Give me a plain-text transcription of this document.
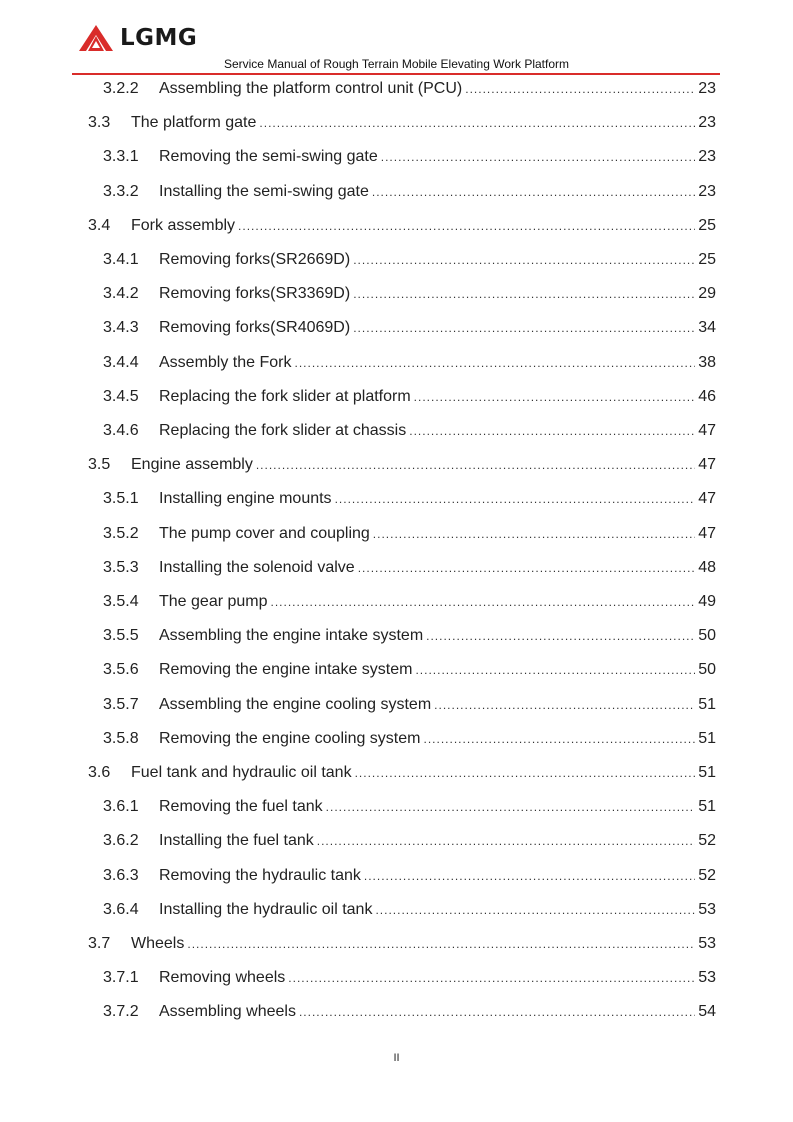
LGMG
Service Manual of Rough Terrain Mobile Elevating Work Platform
3.2.2	Assembling the platform control unit (PCU) .....	23
3.3	The platform gate .....	23
3.3.1	Removing the semi-swing gate .....	23
3.3.2	Installing the semi-swing gate .....	23
3.4	Fork assembly .....	25
3.4.1	Removing forks(SR2669D) .....	25
3.4.2	Removing forks(SR3369D) .....	29
3.4.3	Removing forks(SR4069D) .....	34
3.4.4	Assembly the Fork .....	38
3.4.5	Replacing the fork slider at platform .....	46
3.4.6	Replacing the fork slider at chassis .....	47
3.5	Engine assembly .....	47
3.5.1	Installing engine mounts .....	47
3.5.2	The pump cover and coupling .....	47
3.5.3	Installing the solenoid valve .....	48
3.5.4	The gear pump .....	49
3.5.5	Assembling the engine intake system .....	50
3.5.6	Removing the engine intake system .....	50
3.5.7	Assembling the engine cooling system .....	51
3.5.8	Removing the engine cooling system .....	51
3.6	Fuel tank and hydraulic oil tank .....	51
3.6.1	Removing the fuel tank .....	51
3.6.2	Installing the fuel tank .....	52
3.6.3	Removing the hydraulic tank .....	52
3.6.4	Installing the hydraulic oil tank .....	53
3.7	Wheels .....	53
3.7.1	Removing wheels .....	53
3.7.2	Assembling wheels .....	54
II
